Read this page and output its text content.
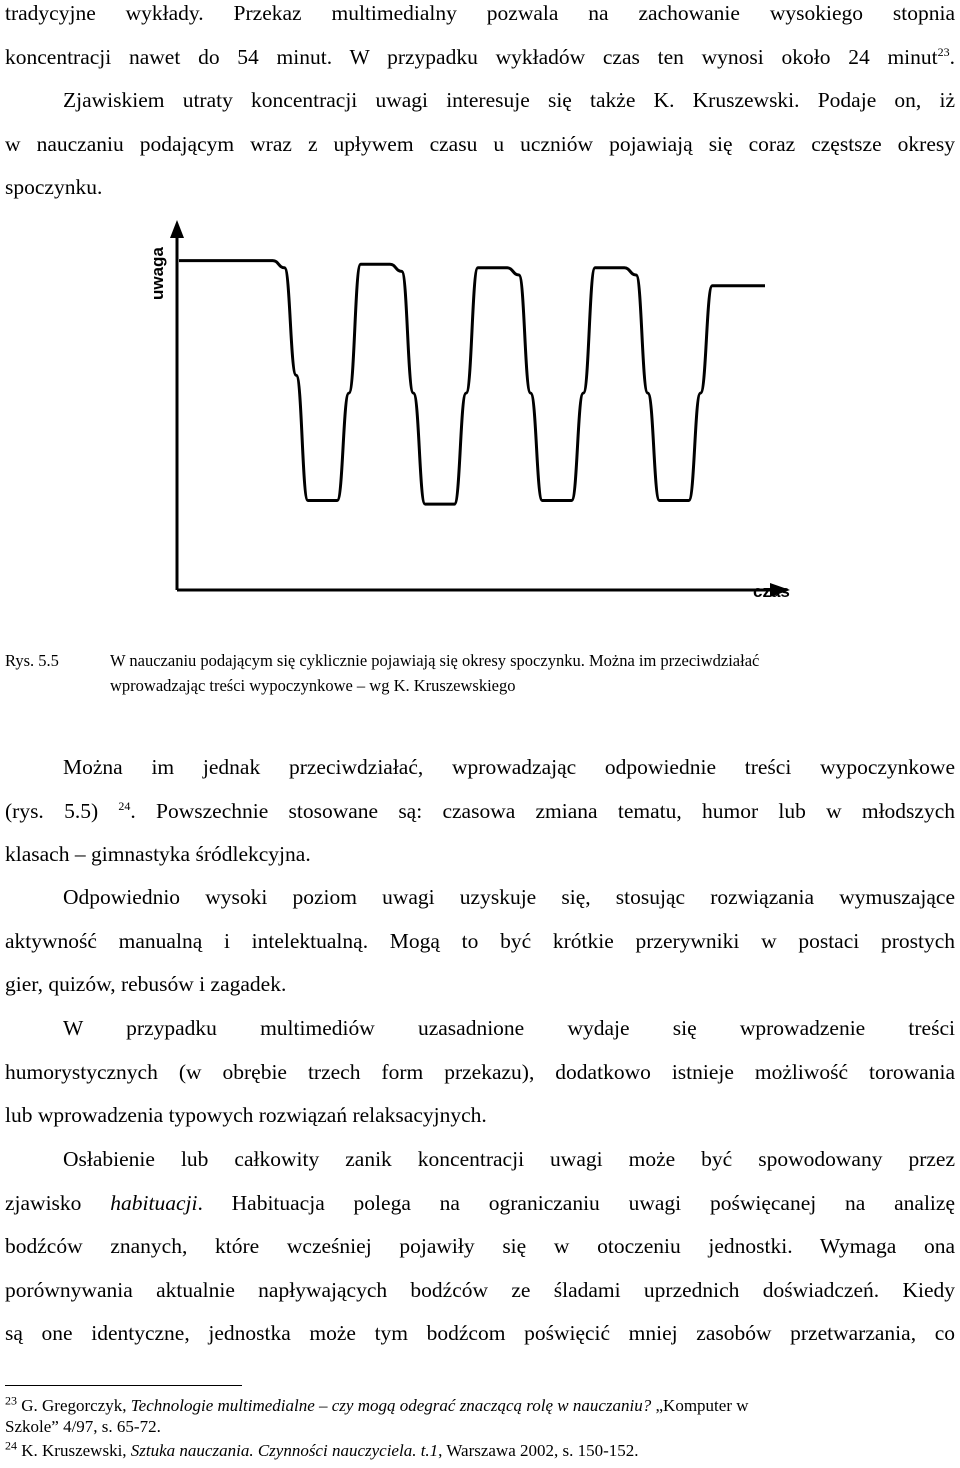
tradycyjne wykłady. Przekaz multimedialny pozwala na zachowanie wysokiego stopnia
koncentracji nawet do 54 minut. W przypadku wykładów czas ten wynosi około 24 minut$^{23}$.
Zjawiskiem utraty koncentracji uwagi interesuje się także K. Kruszewski. Podaje on, iż
w nauczaniu podającym wraz z upływem czasu u uczniów pojawiają się coraz częstsze okresy
spoczynku.
uwaga
czas
Rys. 5.5	W nauczaniu podającym się cyklicznie pojawiają się okresy spoczynku. Można im przeciwdziałać
wprowadzając treści wypoczynkowe – wg K. Kruszewskiego
Można im jednak przeciwdziałać, wprowadzając odpowiednie treści wypoczynkowe
(rys. 5.5) $^{24}$. Powszechnie stosowane są: czasowa zmiana tematu, humor lub w młodszych
klasach – gimnastyka śródlekcyjna.
Odpowiednio wysoki poziom uwagi uzyskuje się, stosując rozwiązania wymuszające
aktywność manualną i intelektualną. Mogą to być krótkie przerywniki w postaci prostych
gier, quizów, rebusów i zagadek.
W przypadku multimediów uzasadnione wydaje się wprowadzenie treści
humorystycznych (w obrębie trzech form przekazu), dodatkowo istnieje możliwość torowania
lub wprowadzenia typowych rozwiązań relaksacyjnych.
Osłabienie lub całkowity zanik koncentracji uwagi może być spowodowany przez
zjawisko habituacji. Habituacja polega na ograniczaniu uwagi poświęcanej na analizę
bodźców znanych, które wcześniej pojawiły się w otoczeniu jednostki. Wymaga ona
porównywania aktualnie napływających bodźców ze śladami uprzednich doświadczeń. Kiedy
są one identyczne, jednostka może tym bodźcom poświęcić mniej zasobów przetwarzania, co
$^{23}$ G. Gregorczyk, Technologie multimedialne – czy mogą odegrać znaczącą rolę w nauczaniu? „Komputer w
Szkole” 4/97, s. 65-72.
$^{24}$ K. Kruszewski, Sztuka nauczania. Czynności nauczyciela. t.1, Warszawa 2002, s. 150-152.
